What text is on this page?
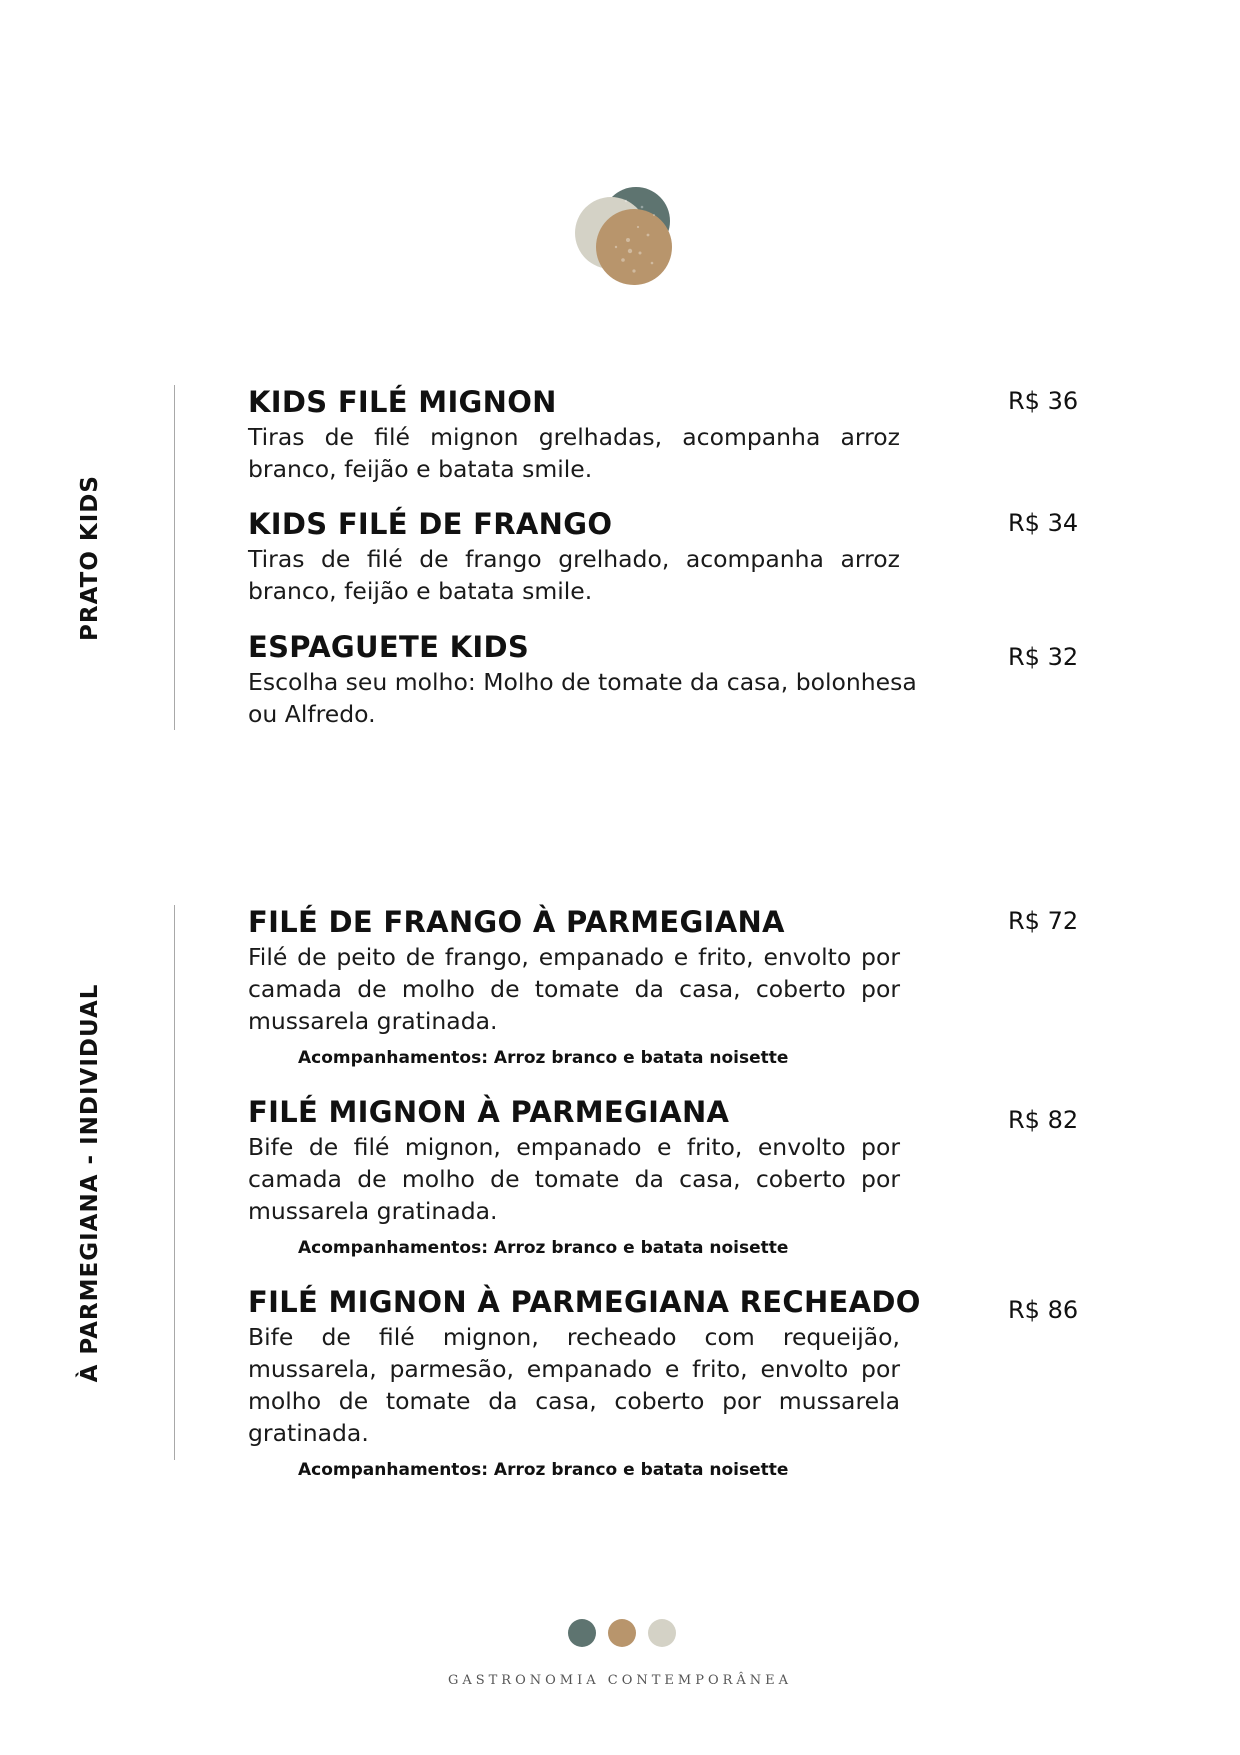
PRATO KIDS
KIDS FILÉ MIGNON
Tiras de filé mignon grelhadas, acompanha arroz branco, feijão e batata smile.
R$ 36
KIDS FILÉ DE FRANGO
Tiras de filé de frango grelhado, acompanha arroz branco, feijão e batata smile.
R$ 34
ESPAGUETE KIDS
Escolha seu molho: Molho de tomate da casa, bolonhesa ou Alfredo.
R$ 32
À PARMEGIANA - INDIVIDUAL
FILÉ DE FRANGO À PARMEGIANA
Filé de peito de frango, empanado e frito, envolto por camada de molho de tomate da casa, coberto por mussarela gratinada.
Acompanhamentos: Arroz branco e batata noisette
R$ 72
FILÉ MIGNON À PARMEGIANA
Bife de filé mignon, empanado e frito, envolto por camada de molho de tomate da casa, coberto por mussarela gratinada.
Acompanhamentos: Arroz branco e batata noisette
R$ 82
FILÉ MIGNON À PARMEGIANA RECHEADO
Bife de filé mignon, recheado com requeijão, mussarela, parmesão, empanado e frito, envolto por molho de tomate da casa, coberto por mussarela gratinada.
Acompanhamentos: Arroz branco e batata noisette
R$ 86
GASTRONOMIA CONTEMPORÂNEA
